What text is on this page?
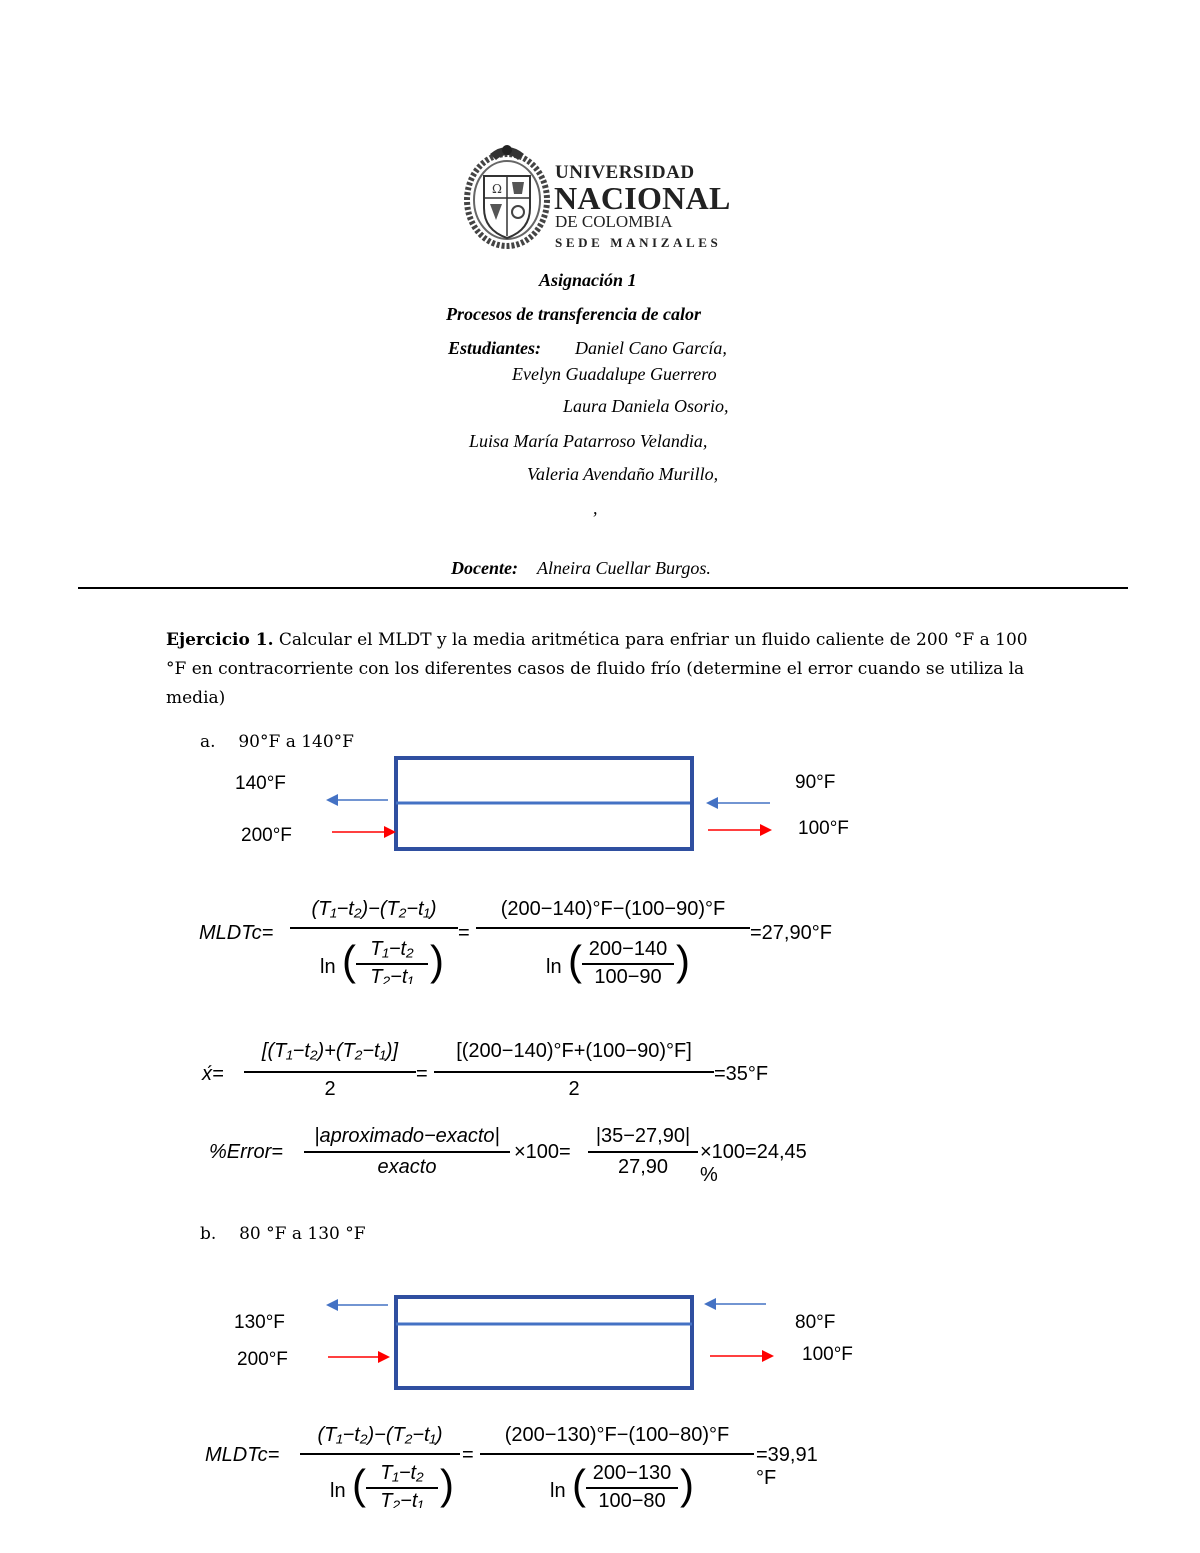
Ω
UNIVERSIDAD
NACIONAL
DE COLOMBIA
SEDE MANIZALES
Asignación 1
Procesos de transferencia de calor
Estudiantes: Daniel Cano García,
Evelyn Guadalupe Guerrero
Laura Daniela Osorio,
Luisa María Patarroso Velandia,
Valeria Avendaño Murillo,
,
Docente: Alneira Cuellar Burgos.
Ejercicio 1. Calcular el MLDT y la media aritmética para enfriar un fluido caliente de 200 °F a 100
°F en contracorriente con los diferentes casos de fluido frío (determine el error cuando se utiliza la
media)
a. 90°F a 140°F
140°F
200°F
90°F
100°F
MLDTc=
(T₁−t₂)−(T₂−t₁)
ln ( T₁−t₂
T₂−t₁ )
=
(200−140)°F−(100−90)°F
ln ( 200−140
100−90 )
=27,90°F
x́=
[(T₁−t₂)+(T₂−t₁)]
2
=
[(200−140)°F+(100−90)°F]
2
=35°F
%Error=
|aproximado−exacto|
exacto
×100=
|35−27,90|
27,90
×100=24,45 %
b. 80 °F a 130 °F
130°F
200°F
80°F
100°F
MLDTc=
(T₁−t₂)−(T₂−t₁)
ln ( T₁−t₂
T₂−t₁ )
=
(200−130)°F−(100−80)°F
ln ( 200−130
100−80 )
=39,91 °F
